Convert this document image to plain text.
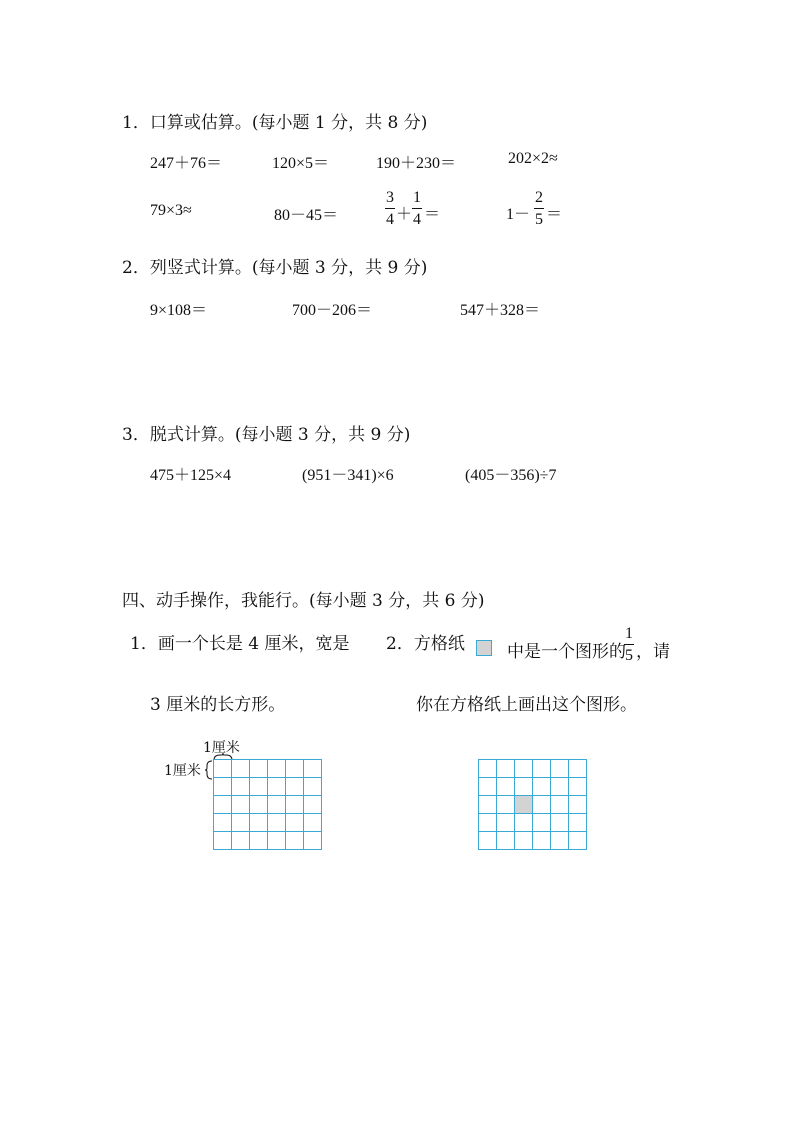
1．口算或估算。(每小题 1 分，共 8 分)
247＋76＝	120×5＝	190＋230＝	202×2≈
79×3≈	80－45＝	$\frac{3}{4} + \frac{1}{4}$ ＝	$1- \frac{2}{5}$ ＝
2．列竖式计算。(每小题 3 分，共 9 分)
9×108＝	700－206＝	547＋328＝
3．脱式计算。(每小题 3 分，共 9 分)
475＋125×4	(951－341)×6	(405－356)÷7
四、动手操作，我能行。(每小题 3 分，共 6 分)
1．画一个长是 4 厘米，宽是
3 厘米的长方形。
2．方格纸 中是一个图形的
$\frac{1}{5}$ ，请
你在方格纸上画出这个图形。
1厘米
1厘米
